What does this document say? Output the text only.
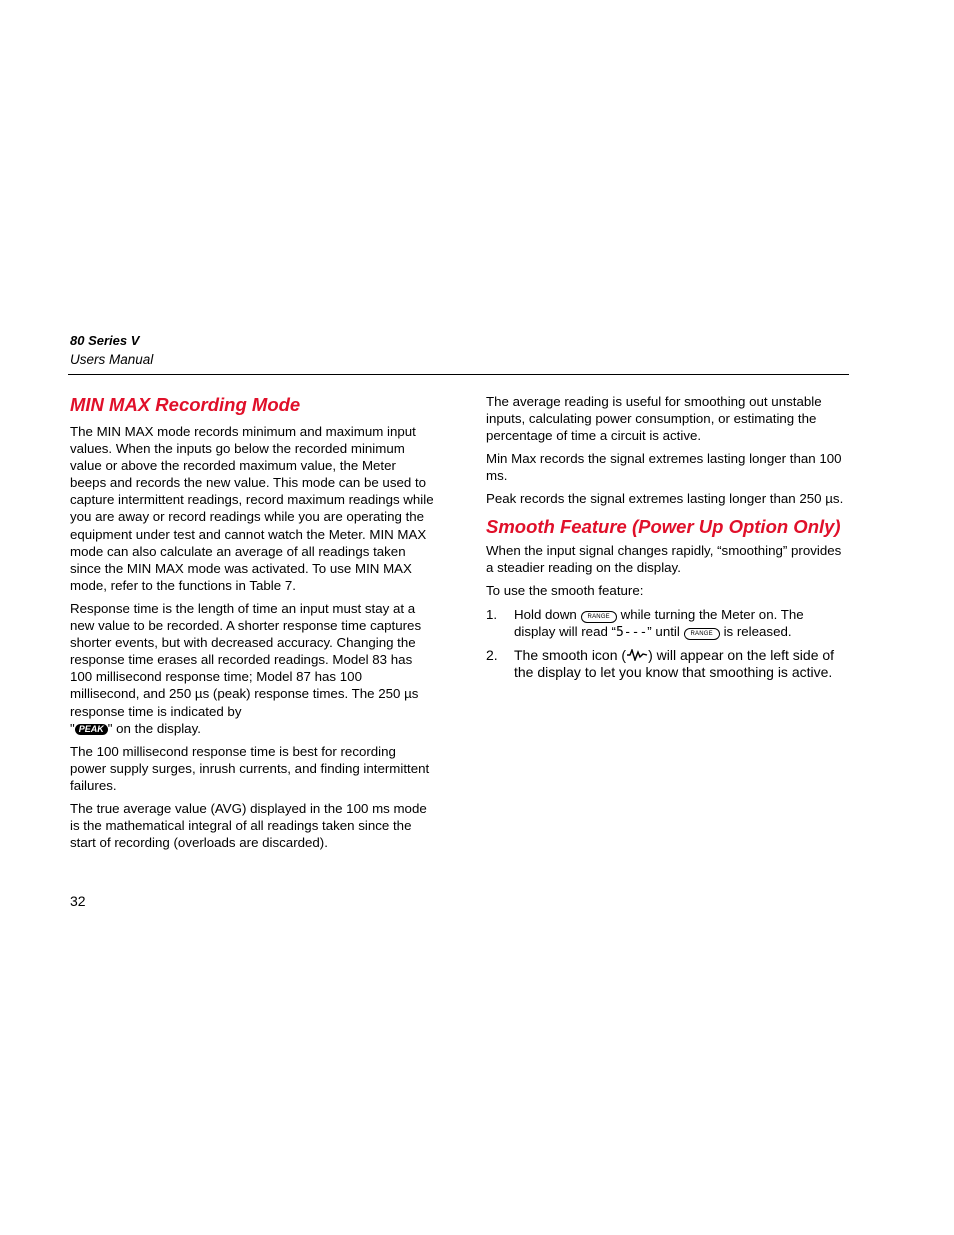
80 Series V
Users Manual
MIN MAX Recording Mode

The MIN MAX mode records minimum and maximum input values. When the inputs go below the recorded minimum value or above the recorded maximum value, the Meter beeps and records the new value. This mode can be used to capture intermittent readings, record maximum readings while you are away or record readings while you are operating the equipment under test and cannot watch the Meter. MIN MAX mode can also calculate an average of all readings taken since the MIN MAX mode was activated. To use MIN MAX mode, refer to the functions in Table 7.

Response time is the length of time an input must stay at a new value to be recorded. A shorter response time captures shorter events, but with decreased accuracy. Changing the response time erases all recorded readings. Model 83 has 100 millisecond response time; Model 87 has 100 millisecond, and 250 µs (peak) response times. The 250 µs response time is indicated by
" PEAK " on the display.

The 100 millisecond response time is best for recording power supply surges, inrush currents, and finding intermittent failures.

The true average value (AVG) displayed in the 100 ms mode is the mathematical integral of all readings taken since the start of recording (overloads are discarded).

The average reading is useful for smoothing out unstable inputs, calculating power consumption, or estimating the percentage of time a circuit is active.

Min Max records the signal extremes lasting longer than 100 ms.

Peak records the signal extremes lasting longer than 250 µs.

Smooth Feature (Power Up Option Only)

When the input signal changes rapidly, “smoothing” provides a steadier reading on the display.

To use the smooth feature:

1. Hold down RANGE while turning the Meter on. The display will read “5---” until RANGE is released.

2. The smooth icon ( ) will appear on the left side of the display to let you know that smoothing is active.

32
